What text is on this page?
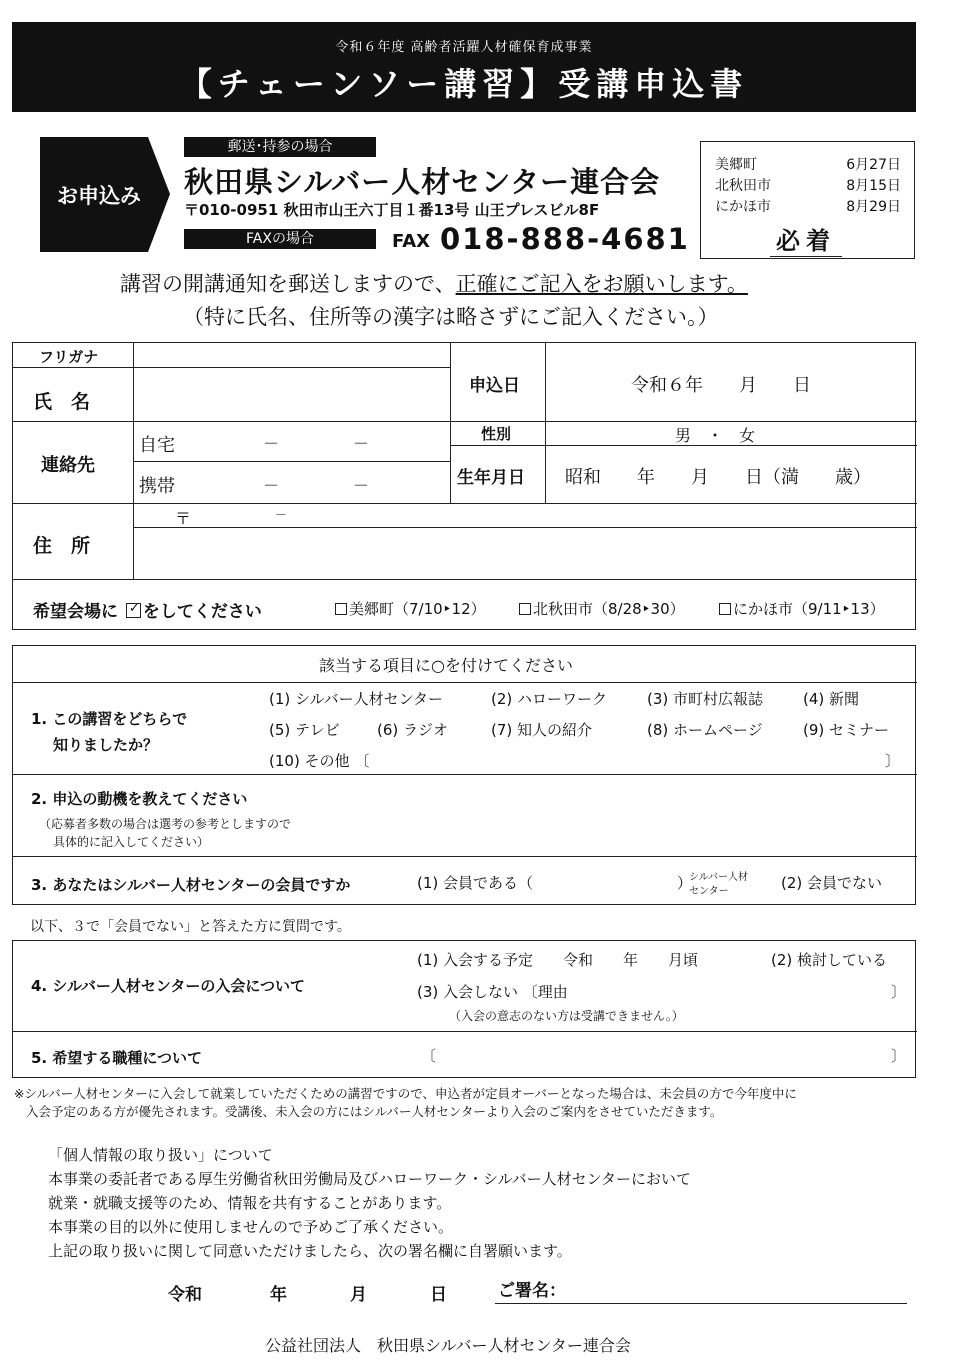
令和６年度 高齢者活躍人材確保育成事業
【チェーンソー講習】受講申込書
お申込み
郵送･持参の場合
秋田県シルバー人材センター連合会
〒010-0951 秋田市山王六丁目１番13号 山王プレスビル8F
FAXの場合	FAX 018-888-4681
美郷町	6月27日
北秋田市	8月15日
にかほ市	8月29日
必着
講習の開講通知を郵送しますので、正確にご記入をお願いします。
（特に氏名、住所等の漢字は略さずにご記入ください。）
フリガナ
氏　名
連絡先
自宅	－	－
携帯	－	－
申込日	令和６年　　月　　日
性別	男　・　女
生年月日 昭和　　年　　月　　日（満　　歳）
住　所
〒	－
希望会場に ✓ をしてください	美郷町（7/10‣12）	北秋田市（8/28‣30）	にかほ市（9/11‣13）
該当する項目に○を付けてください
1. この講習をどちらで
知りましたか？
(1) シルバー人材センター	(2) ハローワーク	(3) 市町村広報誌	(4) 新聞
(5) テレビ (6) ラジオ	(7) 知人の紹介	(8) ホームページ	(9) セミナー
(10) その他 〔	〕
2. 申込の動機を教えてください
（応募者多数の場合は選考の参考としますので
具体的に記入してください）
3. あなたはシルバー人材センターの会員ですか	(1) 会員である（	）
シルバー人材
センター	(2) 会員でない
以下、３で「会員でない」と答えた方に質問です。
4. シルバー人材センターの入会について
(1) 入会する予定　　令和　　年　　月頃	(2) 検討している
(3) 入会しない 〔理由	〕
（入会の意志のない方は受講できません。）
5. 希望する職種について	〔	〕
※シルバー人材センターに入会して就業していただくための講習ですので、申込者が定員オーバーとなった場合は、未会員の方で今年度中に
入会予定のある方が優先されます。受講後、未入会の方にはシルバー人材センターより入会のご案内をさせていただきます。
「個人情報の取り扱い」について
本事業の委託者である厚生労働省秋田労働局及びハローワーク・シルバー人材センターにおいて
就業・就職支援等のため、情報を共有することがあります。
本事業の目的以外に使用しませんので予めご了承ください。
上記の取り扱いに関して同意いただけましたら、次の署名欄に自署願います。
令和	年	月	日	ご署名：
公益社団法人　秋田県シルバー人材センター連合会
